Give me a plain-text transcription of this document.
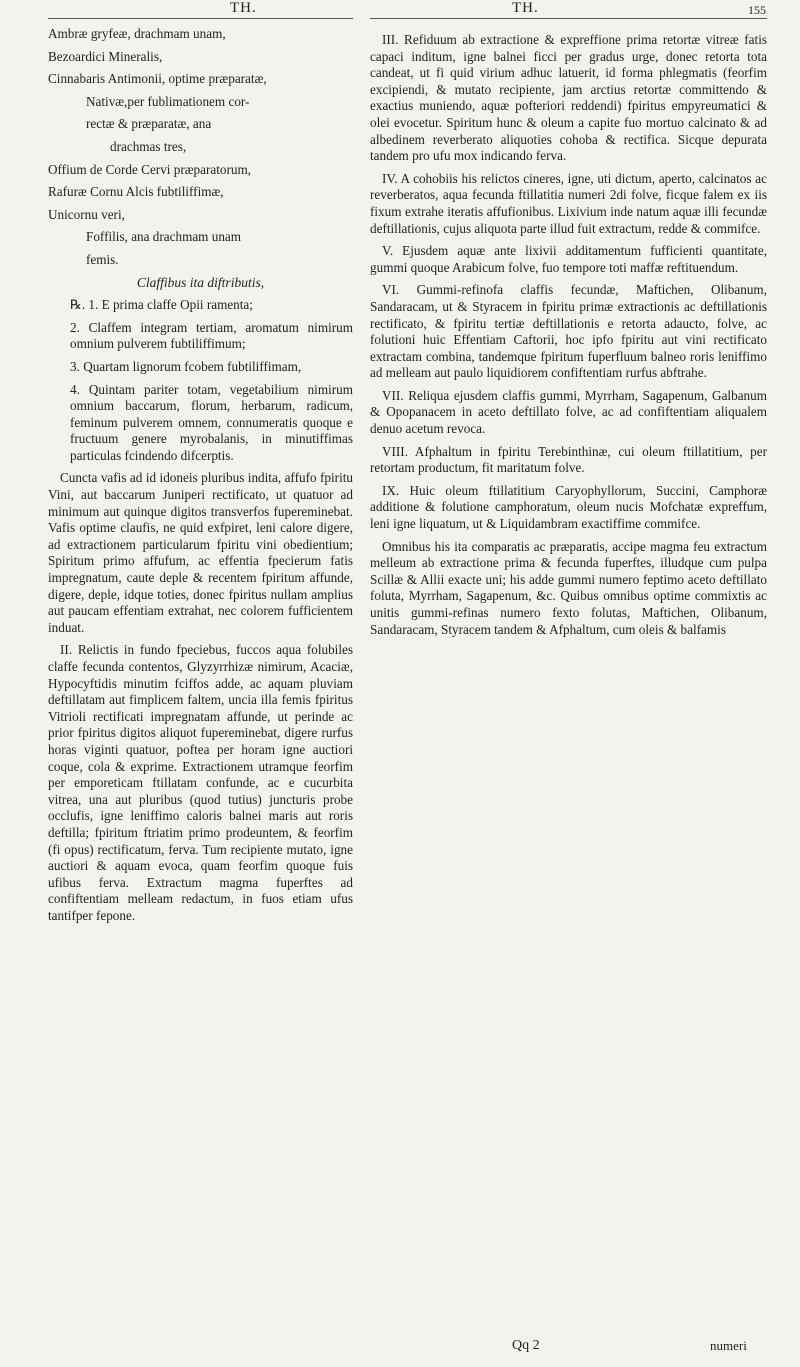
TH.	TH.	155

Ambræ gryfeæ, drachmam unam,

Bezoardici Mineralis,

Cinnabaris Antimonii, optime præparatæ,

Nativæ,per fublimationem cor-

rectæ & præparatæ, ana

drachmas tres,

Offium de Corde Cervi præparatorum,

Rafuræ Cornu Alcis fubtiliffimæ,

Unicornu veri,

Foffilis, ana drachmam unam

femis.

Claffibus ita diftributis,

℞. 1. E prima claffe Opii ramenta;

2. Claffem integram tertiam, aromatum nimirum omnium pulverem fubtiliffimum;

3. Quartam lignorum fcobem fubtiliffimam,

4. Quintam pariter totam, vegetabilium nimirum omnium baccarum, florum, herbarum, radicum, feminum pulverem omnem, connumeratis quoque e fructuum genere myrobalanis, in minutiffimas particulas fcindendo difcerptis.

Cuncta vafis ad id idoneis pluribus indita, affufo fpiritu Vini, aut baccarum Juniperi rectificato, ut quatuor ad minimum aut quinque digitos transverfos fupereminebat. Vafis optime claufis, ne quid exfpiret, leni calore digere, ad extractionem particularum fpiritu vini obedientium; Spiritum primo affufum, ac effentia fpecierum fatis impregnatum, caute deple & recentem fpiritum affunde, digere, deple, idque toties, donec fpiritus nullam amplius aut paucam effentiam extrahat, nec colorem fufficientem induat.

II. Relictis in fundo fpeciebus, fuccos aqua folubiles claffe fecunda contentos, Glyzyrrhizæ nimirum, Acaciæ, Hypocyftidis minutim fciffos adde, ac aquam pluviam deftillatam aut fimplicem faltem, uncia illa femis fpiritus Vitrioli rectificati impregnatam affunde, ut perinde ac prior fpiritus digitos aliquot fupereminebat, digere rurfus horas viginti quatuor, poftea per horam igne auctiori coque, cola & exprime. Extractionem utramque feorfim per emporeticam ftillatam confunde, ac e cucurbita vitrea, una aut pluribus (quod tutius) juncturis probe occlufis, igne leniffimo caloris balnei maris aut roris deftilla; fpiritum ftriatim primo prodeuntem, & feorfim (fi opus) rectificatum, ferva. Tum recipiente mutato, igne auctiori & aquam evoca, quam feorfim quoque fuis ufibus ferva. Extractum magma fuperftes ad confiftentiam melleam redactum, in fuos etiam ufus tantifper fepone.

III. Refiduum ab extractione & expreffione prima retortæ vitreæ fatis capaci inditum, igne balnei ficci per gradus urge, donec retorta tota candeat, ut fi quid virium adhuc latuerit, id forma phlegmatis (feorfim excipiendi, & mutato recipiente, jam arctius retortæ committendo & exactius muniendo, aquæ pofteriori reddendi) fpiritus empyreumatici & olei evocetur. Spiritum hunc & oleum a capite fuo mortuo calcinato & ad albedinem reverberato aliquoties cohoba & rectifica. Sicque depurata tandem pro ufu mox indicando ferva.

IV. A cohobiis his relictos cineres, igne, uti dictum, aperto, calcinatos ac reverberatos, aqua fecunda ftillatitia numeri 2di folve, ficque falem ex iis fixum extrahe iteratis affufionibus. Lixivium inde natum aquæ illi fecundæ deftillationis, cujus aliquota parte illud fuit extractum, redde & commifce.

V. Ejusdem aquæ ante lixivii additamentum fufficienti quantitate, gummi quoque Arabicum folve, fuo tempore toti maffæ reftituendum.

VI. Gummi-refinofa claffis fecundæ, Maftichen, Olibanum, Sandaracam, ut & Styracem in fpiritu primæ extractionis ac deftillationis rectificato, & fpiritu tertiæ deftillationis e retorta adaucto, folve, ac folutioni huic Effentiam Caftorii, hoc ipfo fpiritu aut vini rectificato extractam combina, tandemque fpiritum fuperfluum balneo roris leniffimo ad melleam aut paulo liquidiorem confiftentiam rurfus abftrahe.

VII. Reliqua ejusdem claffis gummi, Myrrham, Sagapenum, Galbanum & Opopanacem in aceto deftillato folve, ac ad confiftentiam aliqualem denuo acetum revoca.

VIII. Afphaltum in fpiritu Terebinthinæ, cui oleum ftillatitium, per retortam productum, fit maritatum folve.

IX. Huic oleum ftillatitium Caryophyllorum, Succini, Camphoræ additione & folutione camphoratum, oleum nucis Mofchatæ expreffum, leni igne liquatum, ut & Liquidambram exactiffime commifce.

Omnibus his ita comparatis ac præparatis, accipe magma feu extractum melleum ab extractione prima & fecunda fuperftes, illudque cum pulpa Scillæ & Allii exacte uni; his adde gummi numero feptimo aceto deftillato foluta, Myrrham, Sagapenum, &c. Quibus omnibus optime commixtis ac unitis gummi-refinas numero fexto folutas, Maftichen, Olibanum, Sandaracam, Styracem tandem & Afphaltum, cum oleis & balfamis

Qq 2	numeri
